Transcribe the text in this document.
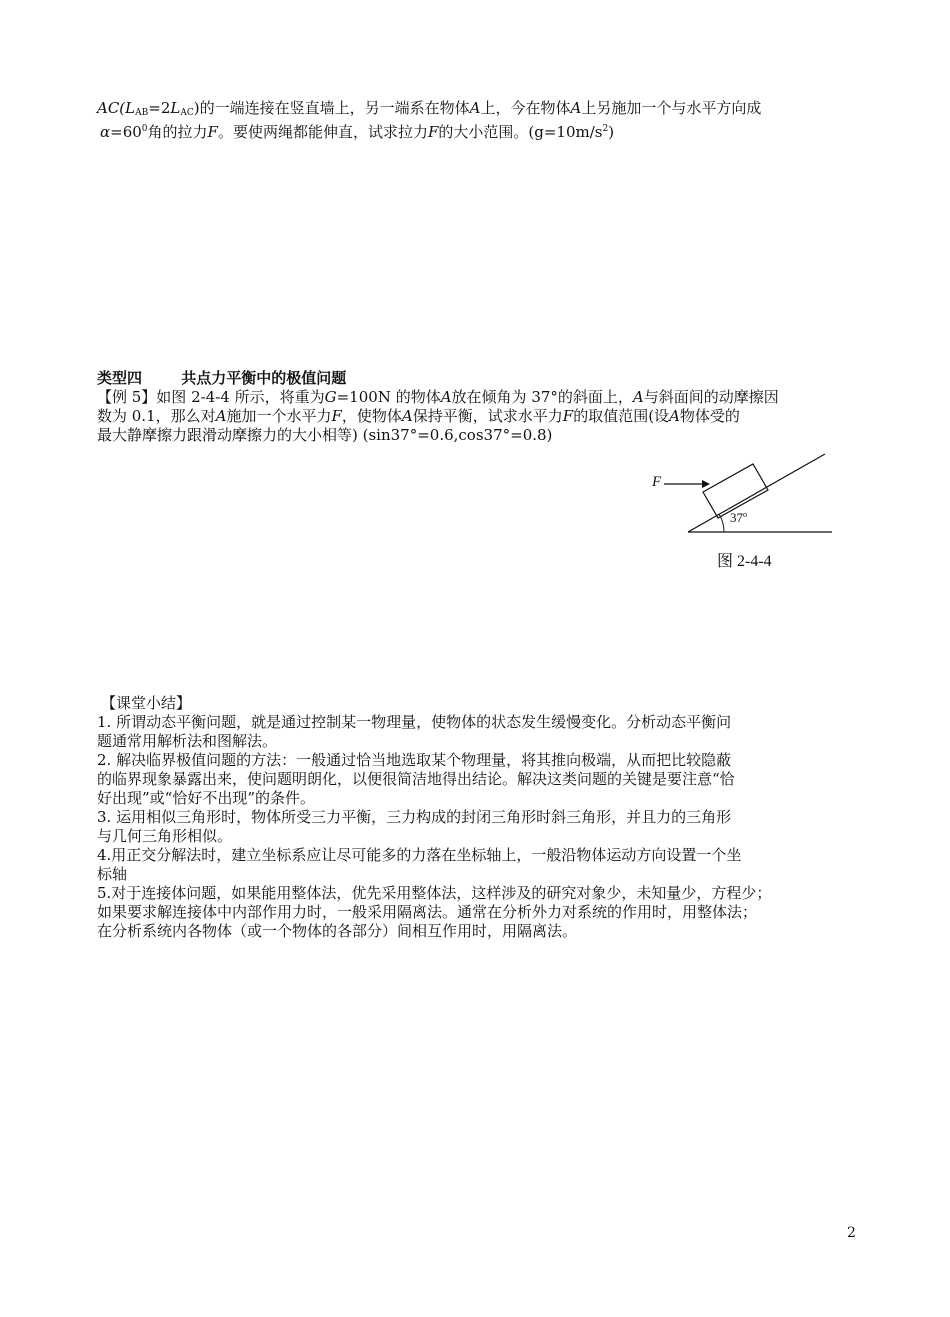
$AC(L_{AB}=2L_{AC})$的一端连接在竖直墙上，另一端系在物体A上，今在物体A上另施加一个与水平方向成
$\alpha=60^0$角的拉力F。要使两绳都能伸直，试求拉力F的大小范围。$(g=10m/s^2)$
类型四	共点力平衡中的极值问题
【例 5】如图 2-4-4 所示，将重为G=100N 的物体A放在倾角为 37°的斜面上，A与斜面间的动摩擦因
数为 0.1，那么对A施加一个水平力F，使物体A保持平衡，试求水平力F的取值范围(设A物体受的
最大静摩擦力跟滑动摩擦力的大小相等) (sin37°=0.6,cos37°=0.8)
F
37$^o$
图 2-4-4
【课堂小结】
1. 所谓动态平衡问题，就是通过控制某一物理量，使物体的状态发生缓慢变化。分析动态平衡问
题通常用解析法和图解法。
2. 解决临界极值问题的方法：一般通过恰当地选取某个物理量，将其推向极端，从而把比较隐蔽
的临界现象暴露出来，使问题明朗化，以便很简洁地得出结论。解决这类问题的关键是要注意“恰
好出现”或“恰好不出现”的条件。
3. 运用相似三角形时，物体所受三力平衡，三力构成的封闭三角形时斜三角形，并且力的三角形
与几何三角形相似。
4.用正交分解法时，建立坐标系应让尽可能多的力落在坐标轴上，一般沿物体运动方向设置一个坐
标轴
5.对于连接体问题，如果能用整体法，优先采用整体法，这样涉及的研究对象少，未知量少，方程少；
如果要求解连接体中内部作用力时，一般采用隔离法。通常在分析外力对系统的作用时，用整体法；
在分析系统内各物体（或一个物体的各部分）间相互作用时，用隔离法。
2
